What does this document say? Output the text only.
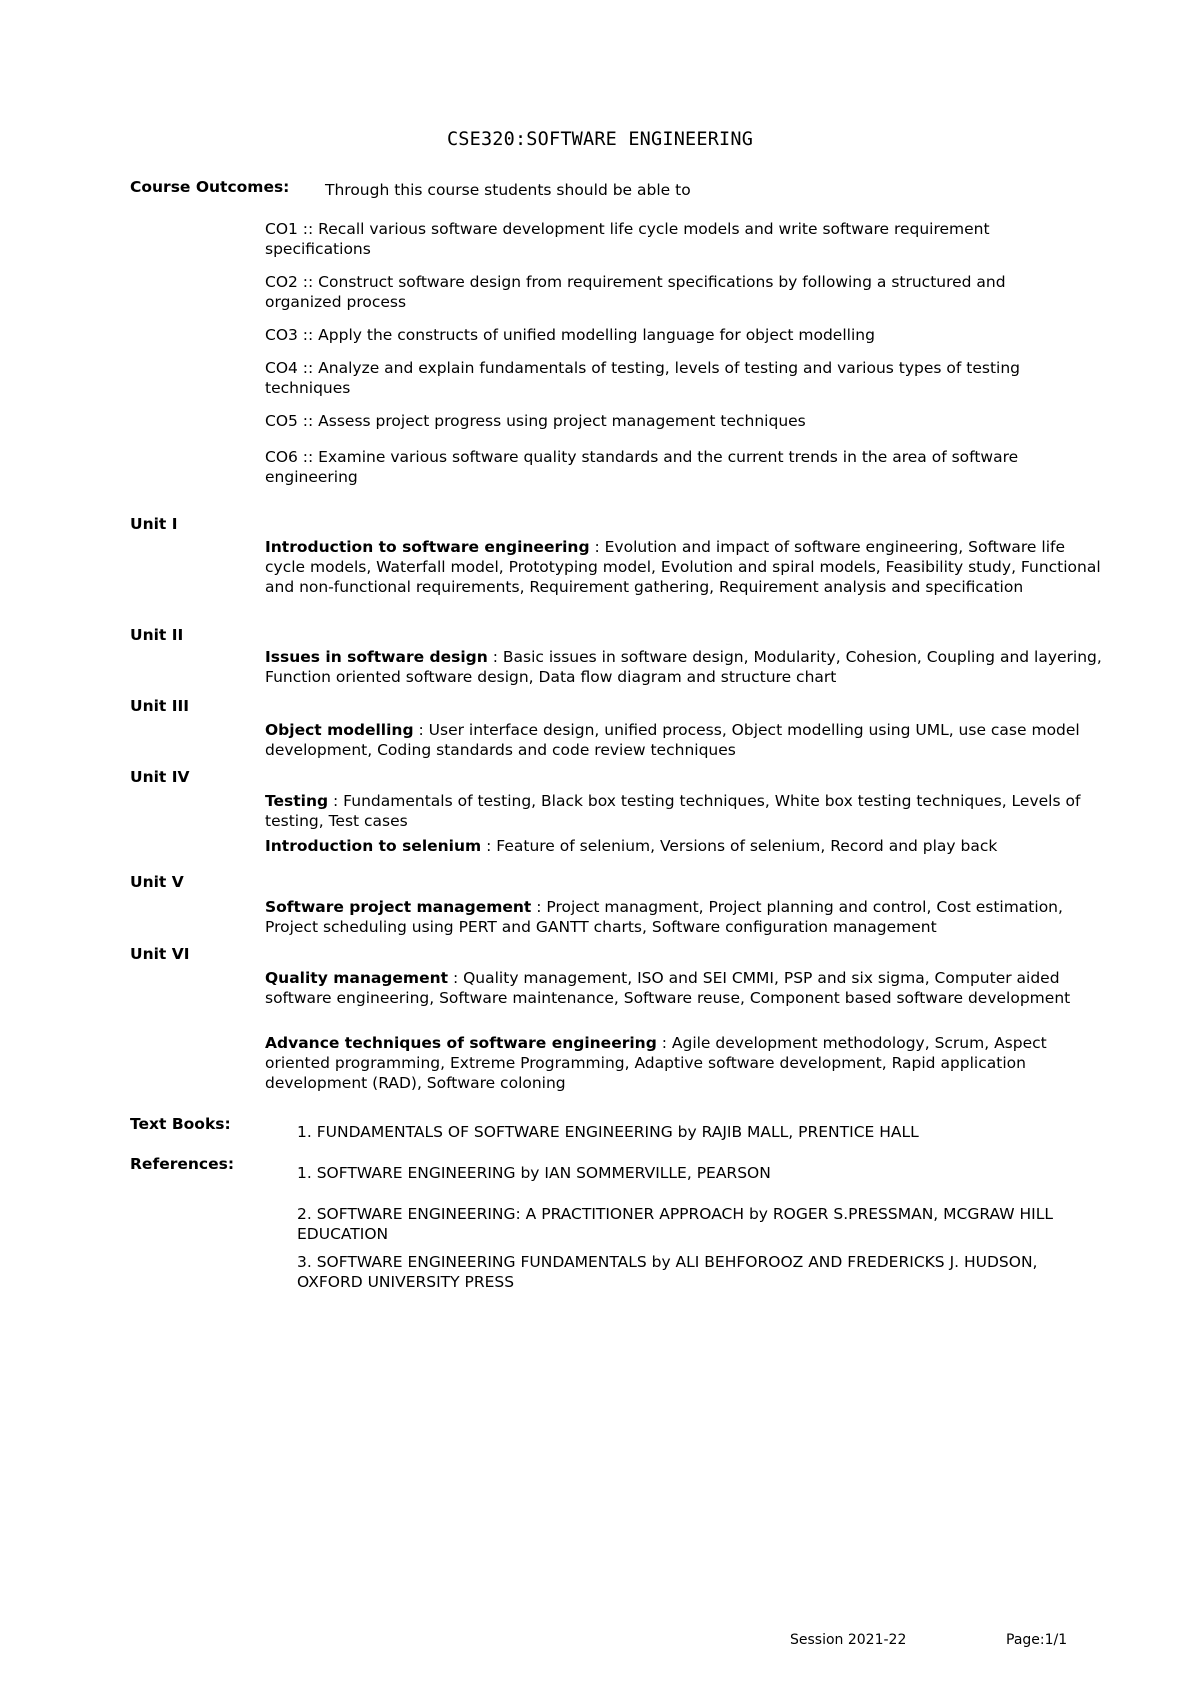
CSE320:SOFTWARE ENGINEERING
Course Outcomes: Through this course students should be able to
CO1 :: Recall various software development life cycle models and write software requirement specifications
CO2 :: Construct software design from requirement specifications by following a structured and organized process
CO3 :: Apply the constructs of unified modelling language for object modelling
CO4 :: Analyze and explain fundamentals of testing, levels of testing and various types of testing techniques
CO5 :: Assess project progress using project management techniques
CO6 :: Examine various software quality standards and the current trends in the area of software engineering
Unit I
Introduction to software engineering : Evolution and impact of software engineering, Software life cycle models, Waterfall model, Prototyping model, Evolution and spiral models, Feasibility study, Functional and non-functional requirements, Requirement gathering, Requirement analysis and specification
Unit II
Issues in software design : Basic issues in software design, Modularity, Cohesion, Coupling and layering, Function oriented software design, Data flow diagram and structure chart
Unit III
Object modelling : User interface design, unified process, Object modelling using UML, use case model development, Coding standards and code review techniques
Unit IV
Testing : Fundamentals of testing, Black box testing techniques, White box testing techniques, Levels of testing, Test cases
Introduction to selenium : Feature of selenium, Versions of selenium, Record and play back
Unit V
Software project management : Project managment, Project planning and control, Cost estimation, Project scheduling using PERT and GANTT charts, Software configuration management
Unit VI
Quality management : Quality management, ISO and SEI CMMI, PSP and six sigma, Computer aided software engineering, Software maintenance, Software reuse, Component based software development
Advance techniques of software engineering : Agile development methodology, Scrum, Aspect oriented programming, Extreme Programming, Adaptive software development, Rapid application development (RAD), Software coloning
Text Books:	1. FUNDAMENTALS OF SOFTWARE ENGINEERING by RAJIB MALL, PRENTICE HALL
References:	1. SOFTWARE ENGINEERING by IAN SOMMERVILLE, PEARSON
2. SOFTWARE ENGINEERING: A PRACTITIONER APPROACH by ROGER S.PRESSMAN, MCGRAW HILL EDUCATION
3. SOFTWARE ENGINEERING FUNDAMENTALS by ALI BEHFOROOZ AND FREDERICKS J. HUDSON, OXFORD UNIVERSITY PRESS
Session 2021-22	Page:1/1
